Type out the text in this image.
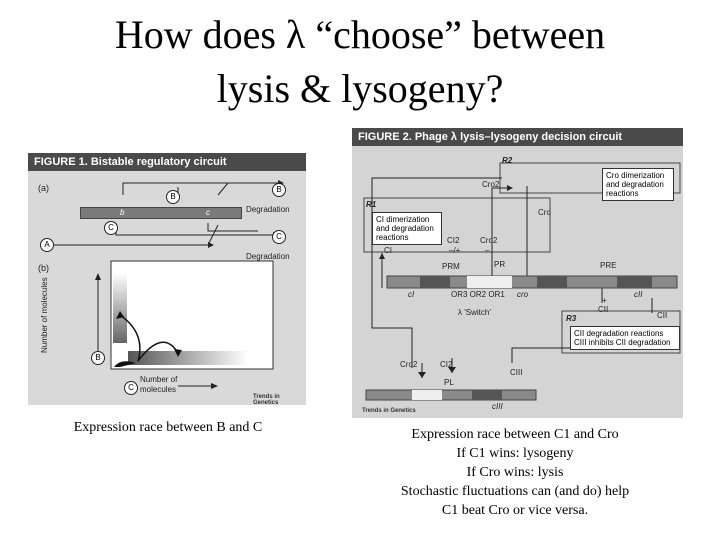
How does λ “choose” between
lysis & lysogeny?
FIGURE 1. Bistable regulatory circuit
(a)
(b)
b	c
B
B
C
C
A
Degradation
Degradation
Number of molecules
B
Number of
molecules
C
Trends in Genetics
FIGURE 2. Phage λ lysis–lysogeny decision circuit
R2
R1
R3
Cro dimerization and degradation reactions
CI dimerization and degradation reactions
Cro2
Cro
CI
CI2
–/+
Cro2
–
PRM	PR	PRE
cI	OR3 OR2 OR1 cro	cII
λ 'Switch'
+
CII
CII
CII degradation reactions
CIII inhibits CII degradation
Cro2	CI2
CIII
PL
cIII
Trends in Genetics
Expression race between B and C	Expression race between C1 and Cro
If C1 wins: lysogeny
If Cro wins: lysis
Stochastic fluctuations can (and do) help
C1 beat Cro or vice versa.
